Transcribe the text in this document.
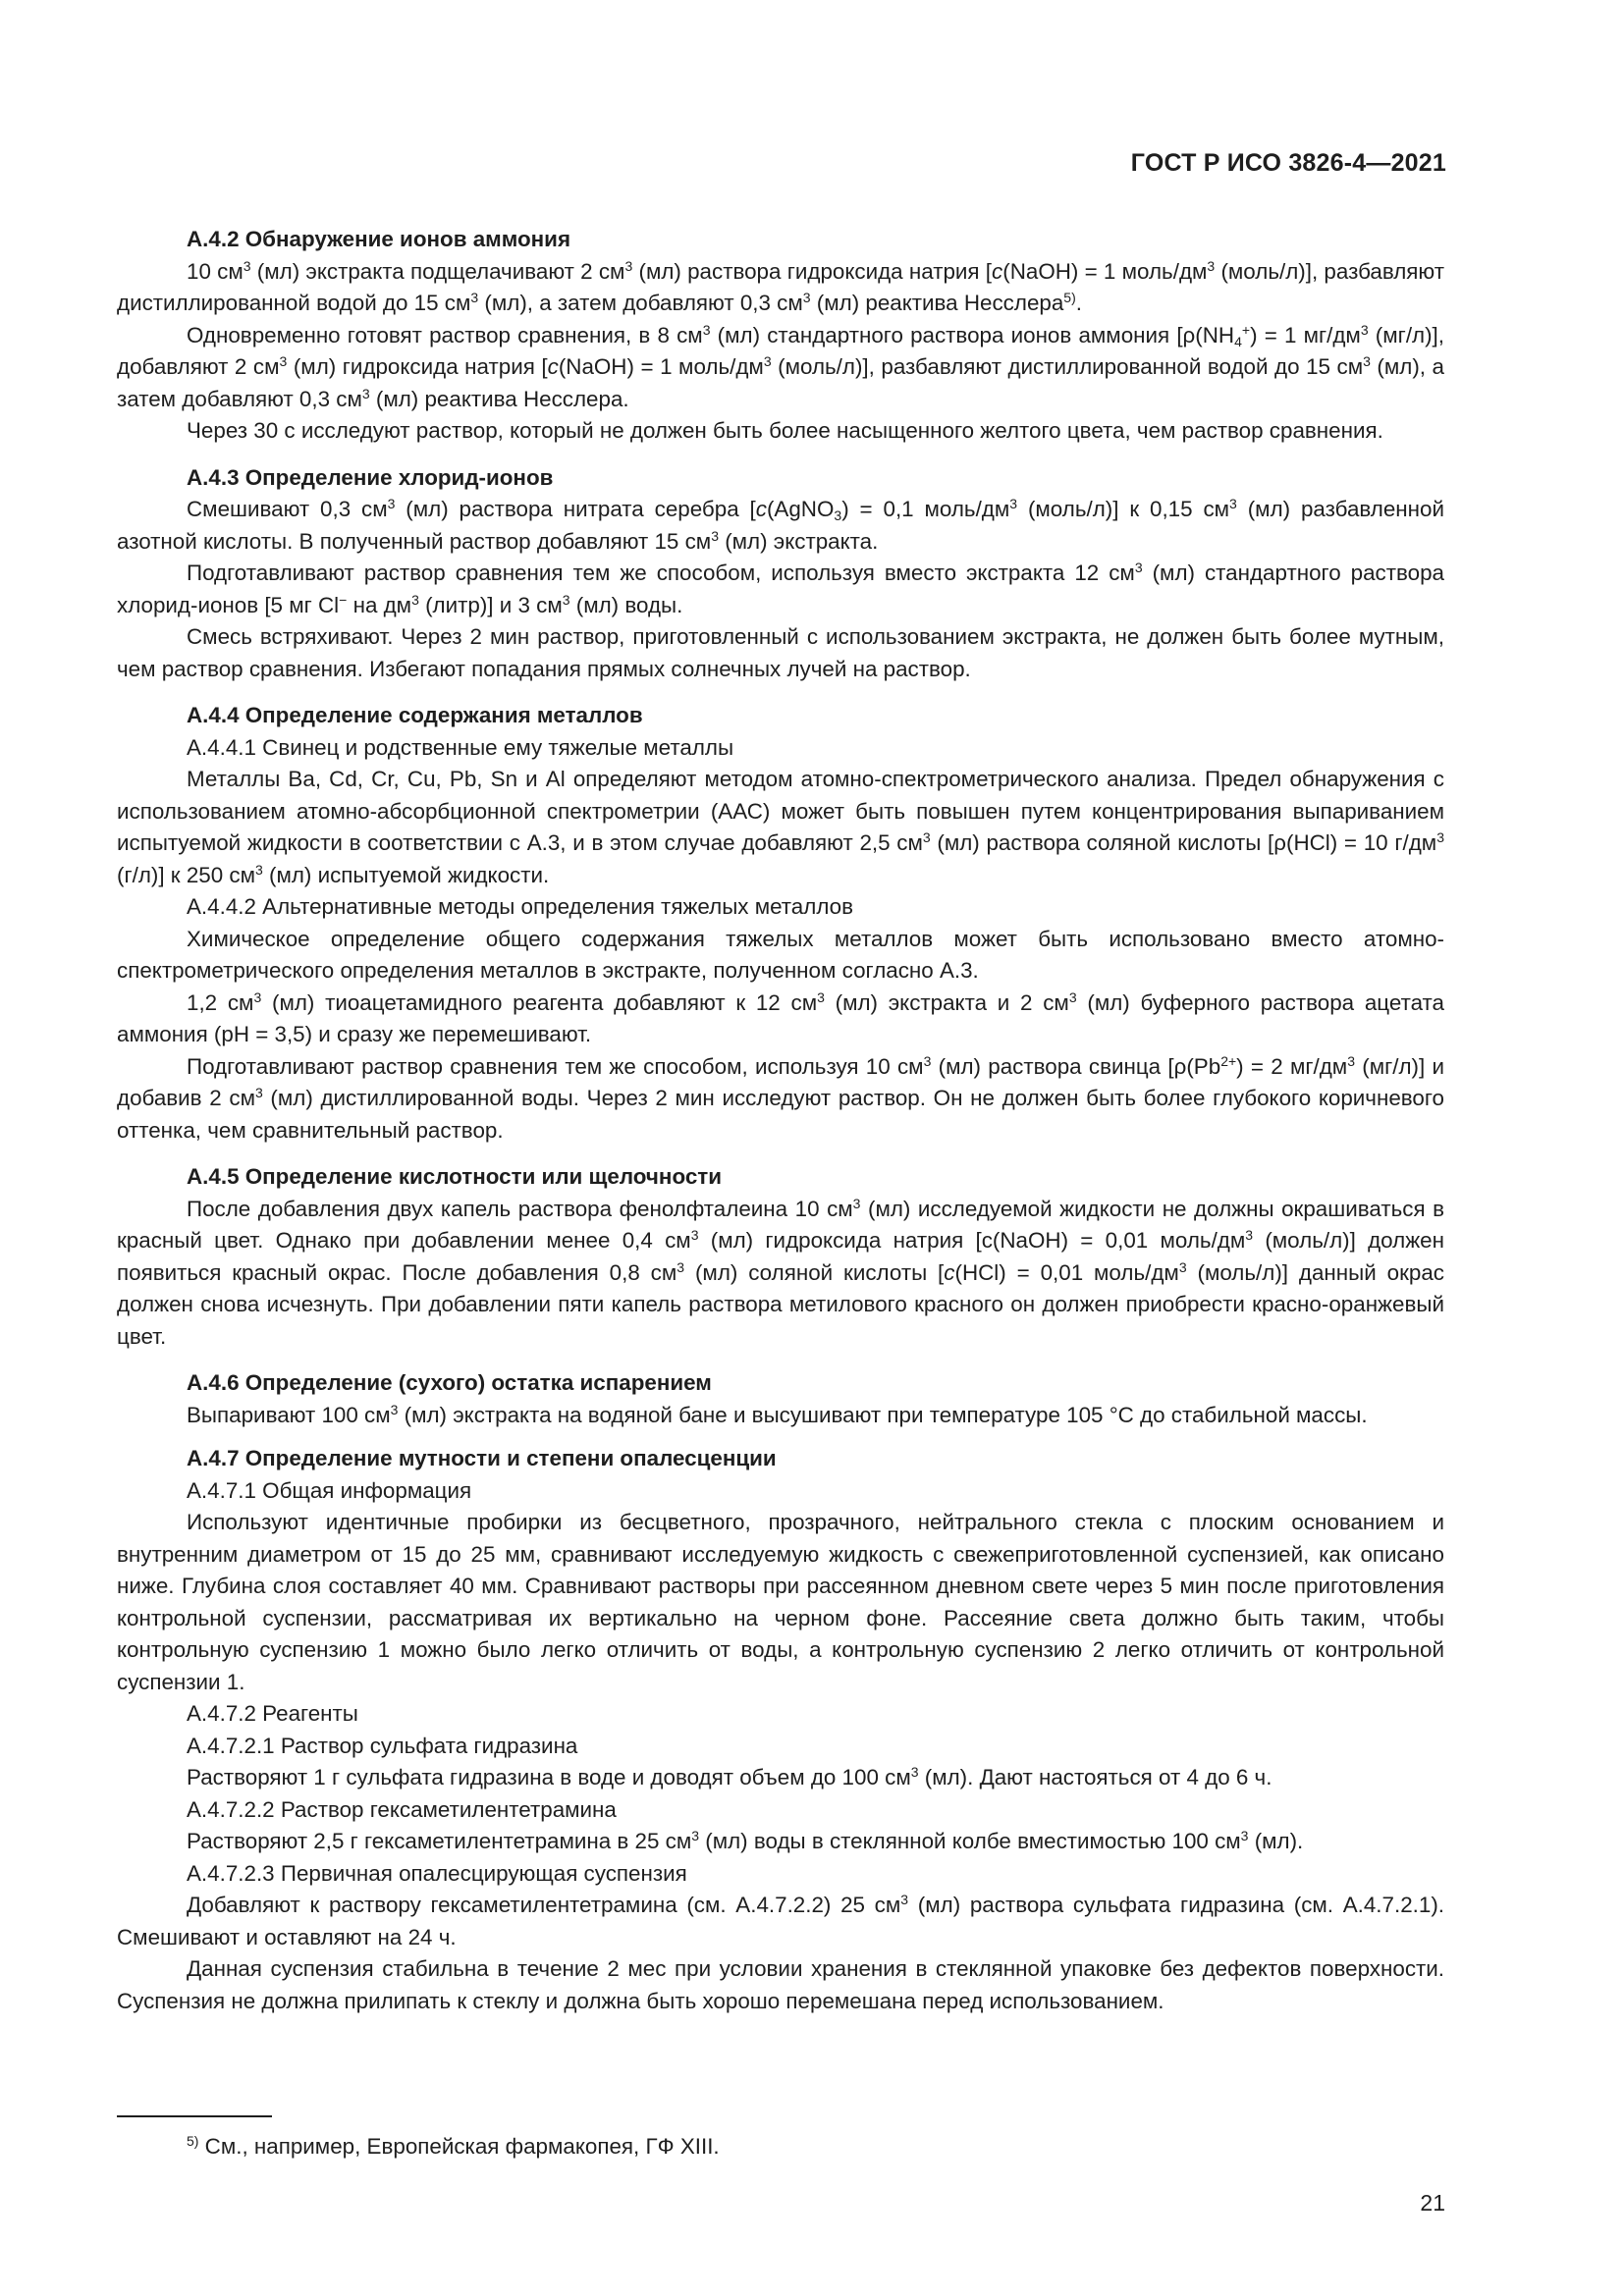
ГОСТ Р ИСО 3826-4—2021

А.4.2 Обнаружение ионов аммония

10 $см^3$ (мл) экстракта подщелачивают 2 $см^3$ (мл) раствора гидроксида натрия [c(NaOH) = 1 моль/$дм^3$ (моль/л)], разбавляют дистиллированной водой до 15 $см^3$ (мл), а затем добавляют 0,3 $см^3$ (мл) реактива Несслера$^{5)}$.

Одновременно готовят раствор сравнения, в 8 $см^3$ (мл) стандартного раствора ионов аммония [$\rho(NH_4^+) = 1$ $мг/дм^3$ (мг/л)], добавляют 2 $см^3$ (мл) гидроксида натрия [c(NaOH) = 1 моль/$дм^3$ (моль/л)], разбавляют дистиллированной водой до 15 $см^3$ (мл), а затем добавляют 0,3 $см^3$ (мл) реактива Несслера.

Через 30 с исследуют раствор, который не должен быть более насыщенного желтого цвета, чем раствор сравнения.

А.4.3 Определение хлорид-ионов

Смешивают 0,3 $см^3$ (мл) раствора нитрата серебра [c(AgNO$_3$) = 0,1 моль/$дм^3$ (моль/л)] к 0,15 $см^3$ (мл) разбавленной азотной кислоты. В полученный раствор добавляют 15 $см^3$ (мл) экстракта.

Подготавливают раствор сравнения тем же способом, используя вместо экстракта 12 $см^3$ (мл) стандартного раствора хлорид-ионов [5 мг Cl− на $дм^3$ (литр)] и 3 $см^3$ (мл) воды.

Смесь встряхивают. Через 2 мин раствор, приготовленный с использованием экстракта, не должен быть более мутным, чем раствор сравнения. Избегают попадания прямых солнечных лучей на раствор.

А.4.4 Определение содержания металлов

А.4.4.1 Свинец и родственные ему тяжелые металлы

Металлы Ba, Cd, Cr, Cu, Pb, Sn и Al определяют методом атомно-спектрометрического анализа. Предел обнаружения с использованием атомно-абсорбционной спектрометрии (ААС) может быть повышен путем концентрирования выпариванием испытуемой жидкости в соответствии с А.3, и в этом случае добавляют 2,5 $см^3$ (мл) раствора соляной кислоты [ρ(HCl) = 10 $г/дм^3$ (г/л)] к 250 $см^3$ (мл) испытуемой жидкости.

А.4.4.2 Альтернативные методы определения тяжелых металлов

Химическое определение общего содержания тяжелых металлов может быть использовано вместо атомно-спектрометрического определения металлов в экстракте, полученном согласно А.3.

1,2 $см^3$ (мл) тиоацетамидного реагента добавляют к 12 $см^3$ (мл) экстракта и 2 $см^3$ (мл) буферного раствора ацетата аммония (рН = 3,5) и сразу же перемешивают.

Подготавливают раствор сравнения тем же способом, используя 10 $см^3$ (мл) раствора свинца [$\rho(Pb^{2+}) = 2$ $мг/дм^3$ (мг/л)] и добавив 2 $см^3$ (мл) дистиллированной воды. Через 2 мин исследуют раствор. Он не должен быть более глубокого коричневого оттенка, чем сравнительный раствор.

А.4.5 Определение кислотности или щелочности

После добавления двух капель раствора фенолфталеина 10 $см^3$ (мл) исследуемой жидкости не должны окрашиваться в красный цвет. Однако при добавлении менее 0,4 $см^3$ (мл) гидроксида натрия [c(NaOH) = 0,01 моль/$дм^3$ (моль/л)] должен появиться красный окрас. После добавления 0,8 $см^3$ (мл) соляной кислоты [c(HCl) = 0,01 моль/$дм^3$ (моль/л)] данный окрас должен снова исчезнуть. При добавлении пяти капель раствора метилового красного он должен приобрести красно-оранжевый цвет.

А.4.6 Определение (сухого) остатка испарением

Выпаривают 100 $см^3$ (мл) экстракта на водяной бане и высушивают при температуре 105 °С до стабильной массы.

А.4.7 Определение мутности и степени опалесценции

А.4.7.1 Общая информация

Используют идентичные пробирки из бесцветного, прозрачного, нейтрального стекла с плоским основанием и внутренним диаметром от 15 до 25 мм, сравнивают исследуемую жидкость с свежеприготовленной суспензией, как описано ниже. Глубина слоя составляет 40 мм. Сравнивают растворы при рассеянном дневном свете через 5 мин после приготовления контрольной суспензии, рассматривая их вертикально на черном фоне. Рассеяние света должно быть таким, чтобы контрольную суспензию 1 можно было легко отличить от воды, а контрольную суспензию 2 легко отличить от контрольной суспензии 1.

А.4.7.2 Реагенты

А.4.7.2.1 Раствор сульфата гидразина

Растворяют 1 г сульфата гидразина в воде и доводят объем до 100 $см^3$ (мл). Дают настояться от 4 до 6 ч.

А.4.7.2.2 Раствор гексаметилентетрамина

Растворяют 2,5 г гексаметилентетрамина в 25 $см^3$ (мл) воды в стеклянной колбе вместимостью 100 $см^3$ (мл).

А.4.7.2.3 Первичная опалесцирующая суспензия

Добавляют к раствору гексаметилентетрамина (см. А.4.7.2.2) 25 $см^3$ (мл) раствора сульфата гидразина (см. А.4.7.2.1). Смешивают и оставляют на 24 ч.

Данная суспензия стабильна в течение 2 мес при условии хранения в стеклянной упаковке без дефектов поверхности. Суспензия не должна прилипать к стеклу и должна быть хорошо перемешана перед использованием.

$^{5)}$ См., например, Европейская фармакопея, ГФ XIII.
21
